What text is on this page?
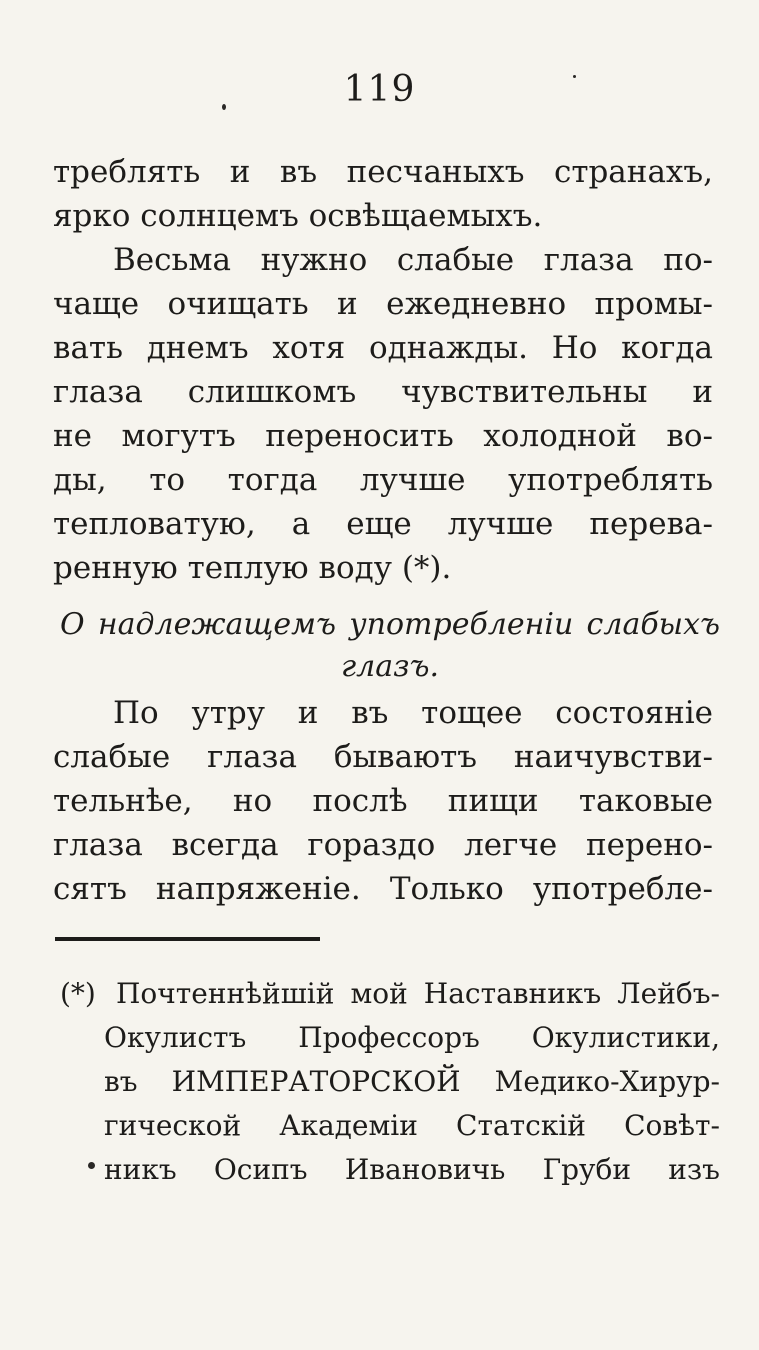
119
треблять и въ песчаныхъ странахъ,
ярко солнцемъ освѣщаемыхъ.
Весьма нужно слабые глаза по-
чаще очищать и ежедневно промы-
вать днемъ хотя однажды. Но когда
глаза слишкомъ чувствительны и
не могутъ переносить холодной во-
ды, то тогда лучше употреблять
тепловатую, а еще лучше перева-
ренную теплую воду (*).
О надлежащемъ употребленіи слабыхъ
глазъ.
По утру и въ тощее состояніе
слабые глаза бываютъ наичувстви-
тельнѣе, но послѣ пищи таковые
глаза всегда гораздо легче перено-
сятъ напряженіе. Только употребле-
(*) Почтеннѣйшій мой Наставникъ Лейбъ-
Окулистъ Профессоръ Окулистики,
въ ИМПЕРАТОРСКОЙ Медико-Хирур-
гической Академіи Статскій Совѣт-
никъ Осипъ Ивановичь Груби изъ
